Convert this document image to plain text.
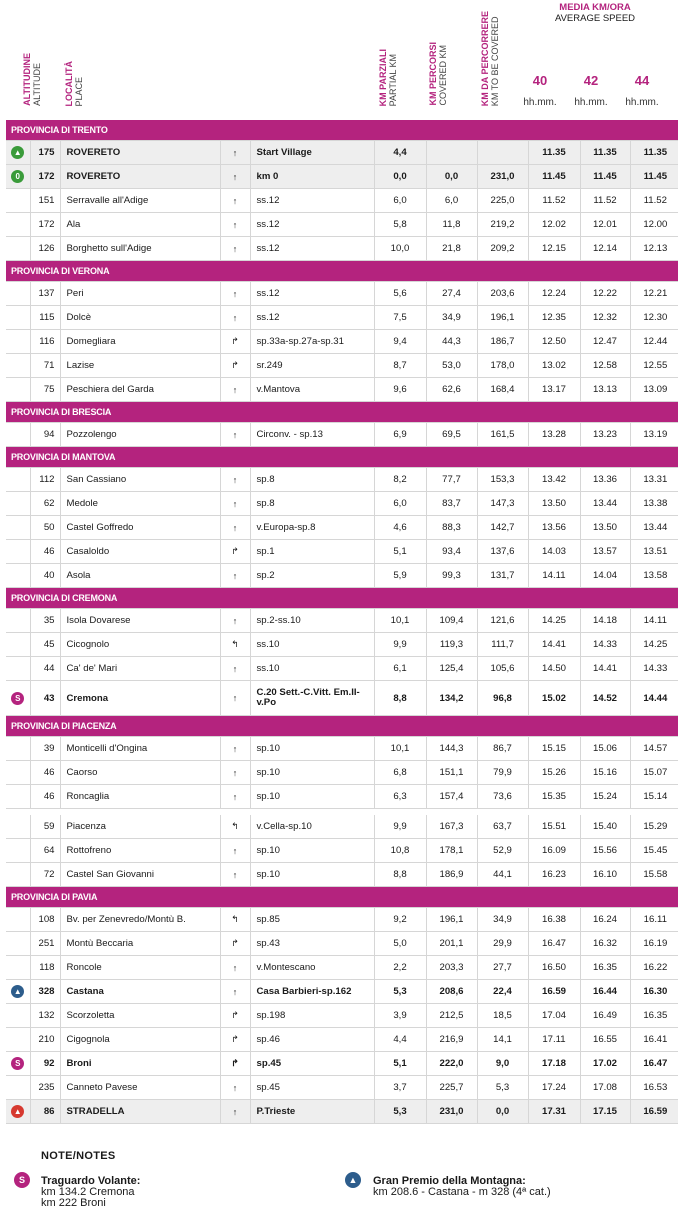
ALTITUDINE ALTITUDE LOCALITÀ PLACE	KM PARZIALI PARTIAL KM	KM PERCORSI COVERED KM	KM DA PERCORRERE KM TO BE COVERED
MEDIA KM/ORA
AVERAGE SPEED
40	42	44
hh.mm.	hh.mm.	hh.mm.
PROVINCIA DI TRENTO										
▲	175	ROVERETO	↑	Start Village	4,4			11.35	11.35	11.35
0	172	ROVERETO	↑	km 0	0,0	0,0	231,0	11.45	11.45	11.45
	151	Serravalle all'Adige	↑	ss.12	6,0	6,0	225,0	11.52	11.52	11.52
	172	Ala	↑	ss.12	5,8	11,8	219,2	12.02	12.01	12.00
	126	Borghetto sull'Adige	↑	ss.12	10,0	21,8	209,2	12.15	12.14	12.13
PROVINCIA DI VERONA										
	137	Peri	↑	ss.12	5,6	27,4	203,6	12.24	12.22	12.21
	115	Dolcè	↑	ss.12	7,5	34,9	196,1	12.35	12.32	12.30
	116	Domegliara	↱	sp.33a-sp.27a-sp.31	9,4	44,3	186,7	12.50	12.47	12.44
	71	Lazise	↱	sr.249	8,7	53,0	178,0	13.02	12.58	12.55
	75	Peschiera del Garda	↑	v.Mantova	9,6	62,6	168,4	13.17	13.13	13.09
PROVINCIA DI BRESCIA										
	94	Pozzolengo	↑	Circonv. - sp.13	6,9	69,5	161,5	13.28	13.23	13.19
PROVINCIA DI MANTOVA										
	112	San Cassiano	↑	sp.8	8,2	77,7	153,3	13.42	13.36	13.31
	62	Medole	↑	sp.8	6,0	83,7	147,3	13.50	13.44	13.38
	50	Castel Goffredo	↑	v.Europa-sp.8	4,6	88,3	142,7	13.56	13.50	13.44
	46	Casaloldo	↱	sp.1	5,1	93,4	137,6	14.03	13.57	13.51
	40	Asola	↑	sp.2	5,9	99,3	131,7	14.11	14.04	13.58
PROVINCIA DI CREMONA										
	35	Isola Dovarese	↑	sp.2-ss.10	10,1	109,4	121,6	14.25	14.18	14.11
	45	Cicognolo	↰	ss.10	9,9	119,3	111,7	14.41	14.33	14.25
	44	Ca' de' Mari	↑	ss.10	6,1	125,4	105,6	14.50	14.41	14.33
S	43	Cremona	↑	C.20 Sett.-C.Vitt. Em.II-v.Po	8,8	134,2	96,8	15.02	14.52	14.44
PROVINCIA DI PIACENZA										
	39	Monticelli d'Ongina	↑	sp.10	10,1	144,3	86,7	15.15	15.06	14.57
	46	Caorso	↑	sp.10	6,8	151,1	79,9	15.26	15.16	15.07
	46	Roncaglia	↑	sp.10	6,3	157,4	73,6	15.35	15.24	15.14

	59	Piacenza	↰	v.Cella-sp.10	9,9	167,3	63,7	15.51	15.40	15.29
	64	Rottofreno	↑	sp.10	10,8	178,1	52,9	16.09	15.56	15.45
	72	Castel San Giovanni	↑	sp.10	8,8	186,9	44,1	16.23	16.10	15.58
PROVINCIA DI PAVIA										
	108	Bv. per Zenevredo/Montù B.	↰	sp.85	9,2	196,1	34,9	16.38	16.24	16.11
	251	Montù Beccaria	↱	sp.43	5,0	201,1	29,9	16.47	16.32	16.19
	118	Roncole	↑	v.Montescano	2,2	203,3	27,7	16.50	16.35	16.22
▲	328	Castana	↑	Casa Barbieri-sp.162	5,3	208,6	22,4	16.59	16.44	16.30
	132	Scorzoletta	↱	sp.198	3,9	212,5	18,5	17.04	16.49	16.35
	210	Cigognola	↱	sp.46	4,4	216,9	14,1	17.11	16.55	16.41
S	92	Broni	↱	sp.45	5,1	222,0	9,0	17.18	17.02	16.47
	235	Canneto Pavese	↑	sp.45	3,7	225,7	5,3	17.24	17.08	16.53
▲	86	STRADELLA	↑	P.Trieste	5,3	231,0	0,0	17.31	17.15	16.59
NOTE/NOTES
S	Traguardo Volante:
km 134.2 Cremona
km 222 Broni
▲	Gran Premio della Montagna:
km 208.6 - Castana - m 328 (4ª cat.)
